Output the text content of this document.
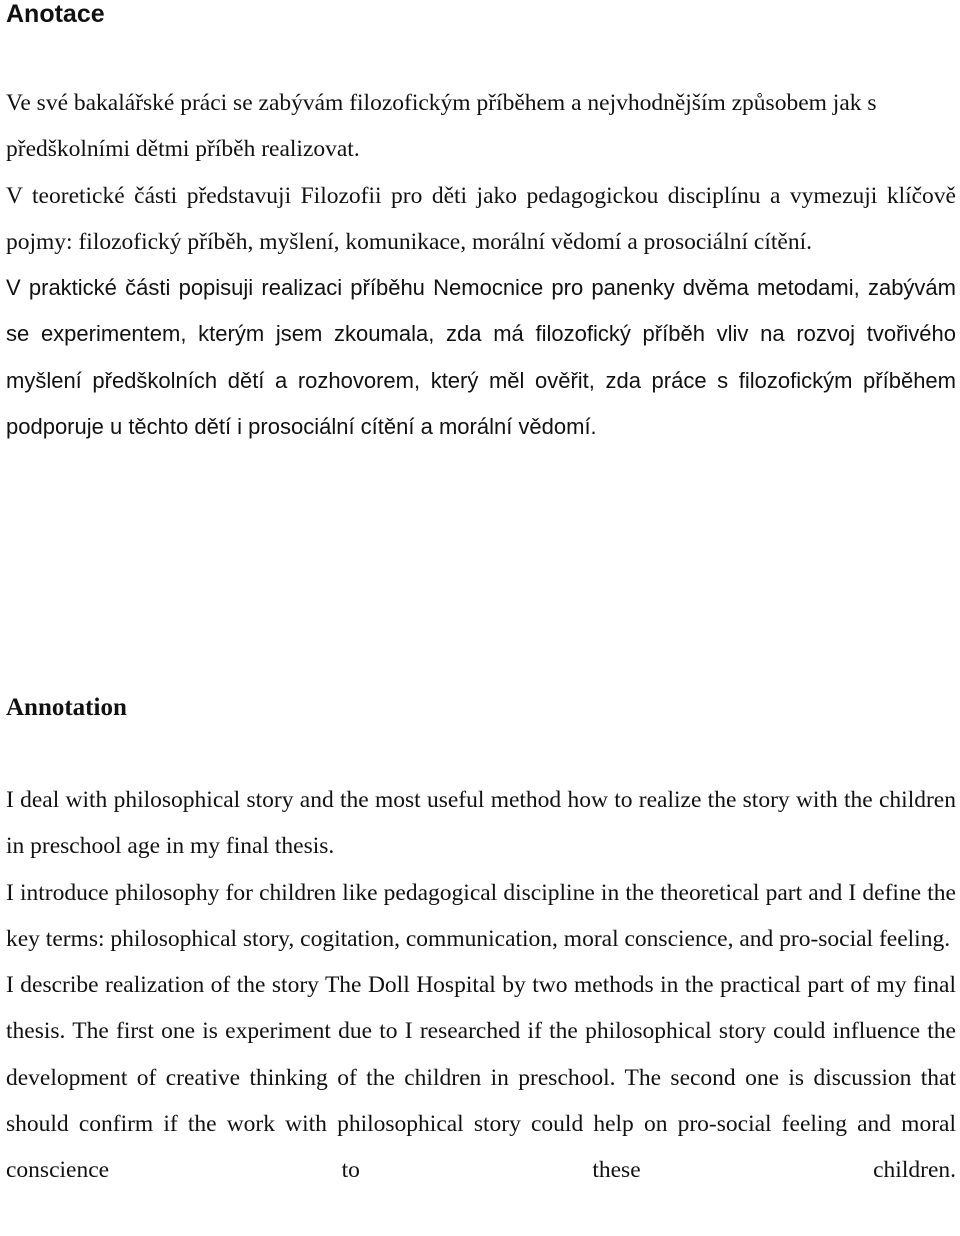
Anotace

Ve své bakalářské práci se zabývám filozofickým příběhem a nejvhodnějším způsobem jak s předškolními dětmi příběh realizovat.

V teoretické části představuji Filozofii pro děti jako pedagogickou disciplínu a vymezuji klíčově pojmy: filozofický příběh, myšlení, komunikace, morální vědomí a prosociální cítění.

V praktické části popisuji realizaci příběhu Nemocnice pro panenky dvěma metodami, zabývám se experimentem, kterým jsem zkoumala, zda má filozofický příběh vliv na rozvoj tvořivého myšlení předškolních dětí a rozhovorem, který měl ověřit, zda práce s filozofickým příběhem podporuje u těchto dětí i prosociální cítění a morální vědomí.

Annotation

I deal with philosophical story and the most useful method how to realize the story with the children in preschool age in my final thesis.

I introduce philosophy for children like pedagogical discipline in the theoretical part and I define the key terms: philosophical story, cogitation, communication, moral conscience, and pro-social feeling.

I describe realization of the story The Doll Hospital by two methods in the practical part of my final thesis. The first one is experiment due to I researched if the philosophical story could influence the development of creative thinking of the children in preschool. The second one is discussion that should confirm if the work with philosophical story could help on pro-social feeling and moral conscience to these children.
